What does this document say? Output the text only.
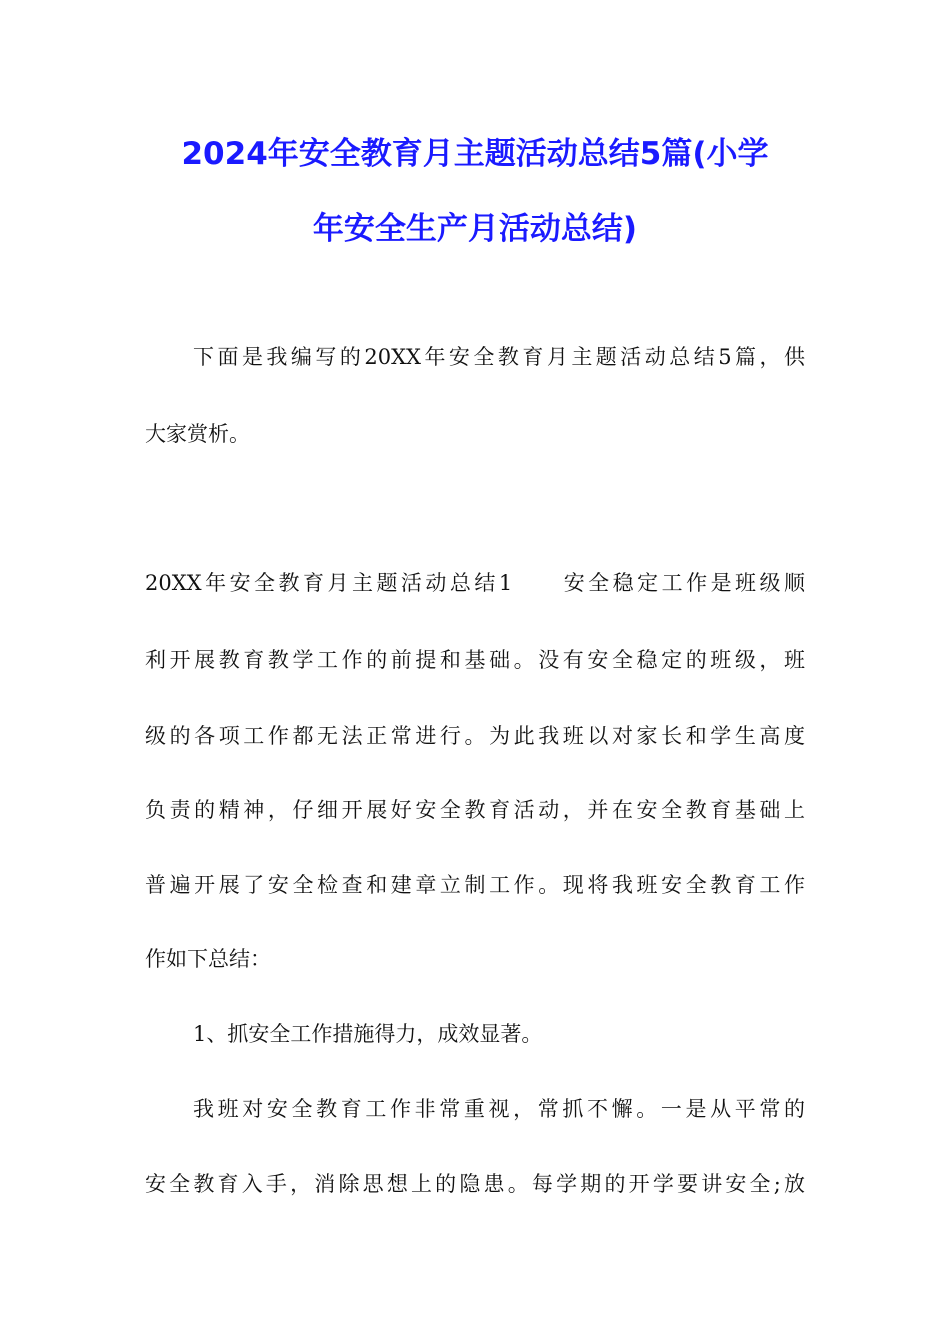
2024年安全教育月主题活动总结5篇(小学
年安全生产月活动总结)
下面是我编写的20XX年安全教育月主题活动总结5篇，供
大家赏析。
20XX年安全教育月主题活动总结1 安全稳定工作是班级顺
利开展教育教学工作的前提和基础。没有安全稳定的班级，班
级的各项工作都无法正常进行。为此我班以对家长和学生高度
负责的精神，仔细开展好安全教育活动，并在安全教育基础上
普遍开展了安全检查和建章立制工作。现将我班安全教育工作
作如下总结：
1、抓安全工作措施得力，成效显著。
我班对安全教育工作非常重视，常抓不懈。一是从平常的
安全教育入手，消除思想上的隐患。每学期的开学要讲安全;放
